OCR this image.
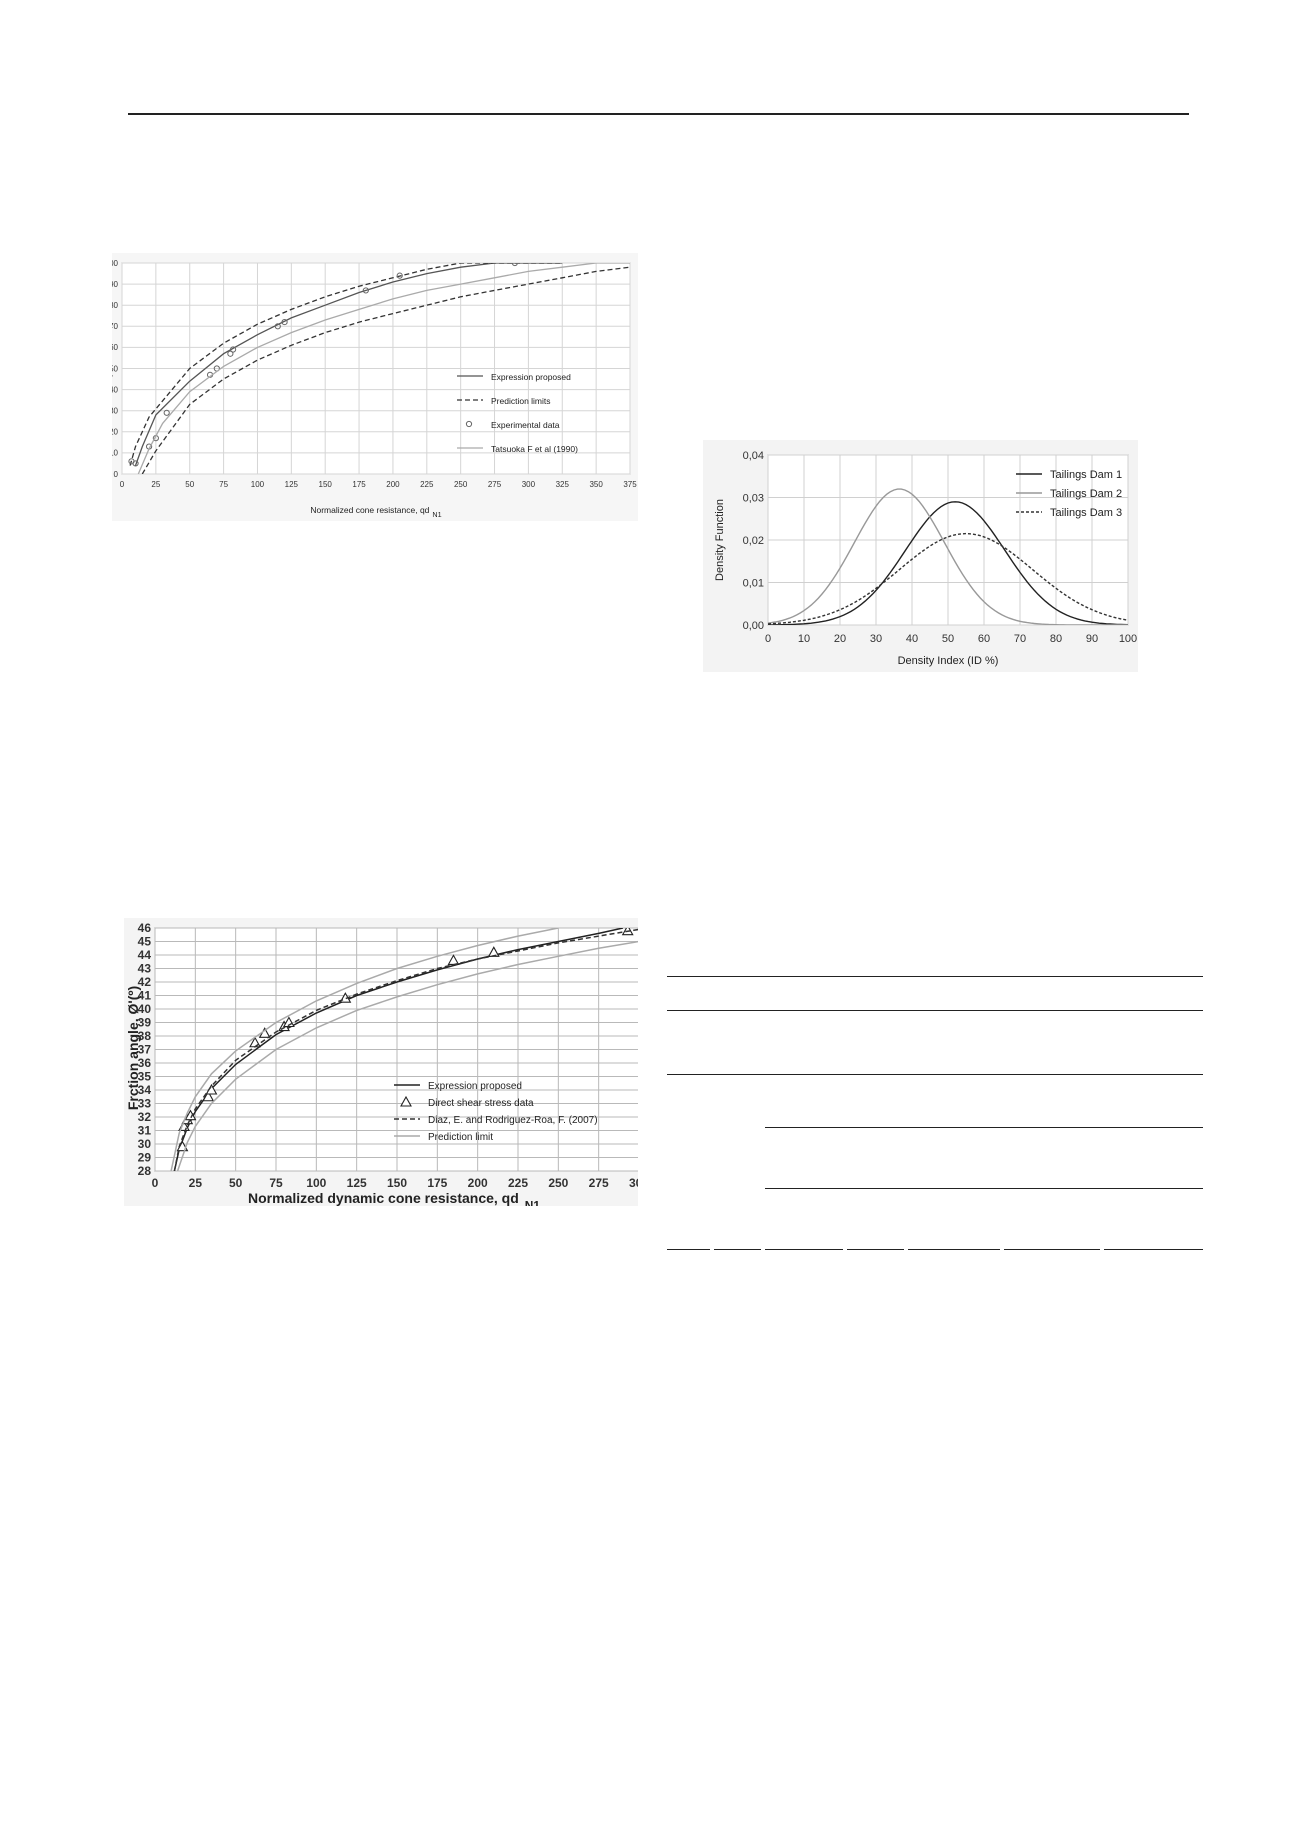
0	25	50	75	100	125	150	175	200	225	250	275	300	325	350	375
0
0
0
0
0
0
0
0
0
0
0
Normalized cone resistance, qd $_{N1}$
Expression proposed
Prediction limits
Experimental data
Tatsuoka F et al (1990)
0	25 50 75 100 125 150 175 200 225 250 275 3
28
29
30
31
32
33
34
35
36
37
38
39
40
41
42
43
44
45
46
Normalized dynamic cone resistance, qd $_{N1}$
Frction angle, Ø'(º)	Expression proposed
Direct shear stress data
Diaz, E. and Rodriguez-Roa, F. (2007)
Prediction limit
0 10 20 30 40 50 60 70 80 90 100
0,00
0,01
0,02
0,03
0,04
Density Index (ID %)
Density Function
Tailings Dam 1
Tailings Dam 2
Tailings Dam 3
